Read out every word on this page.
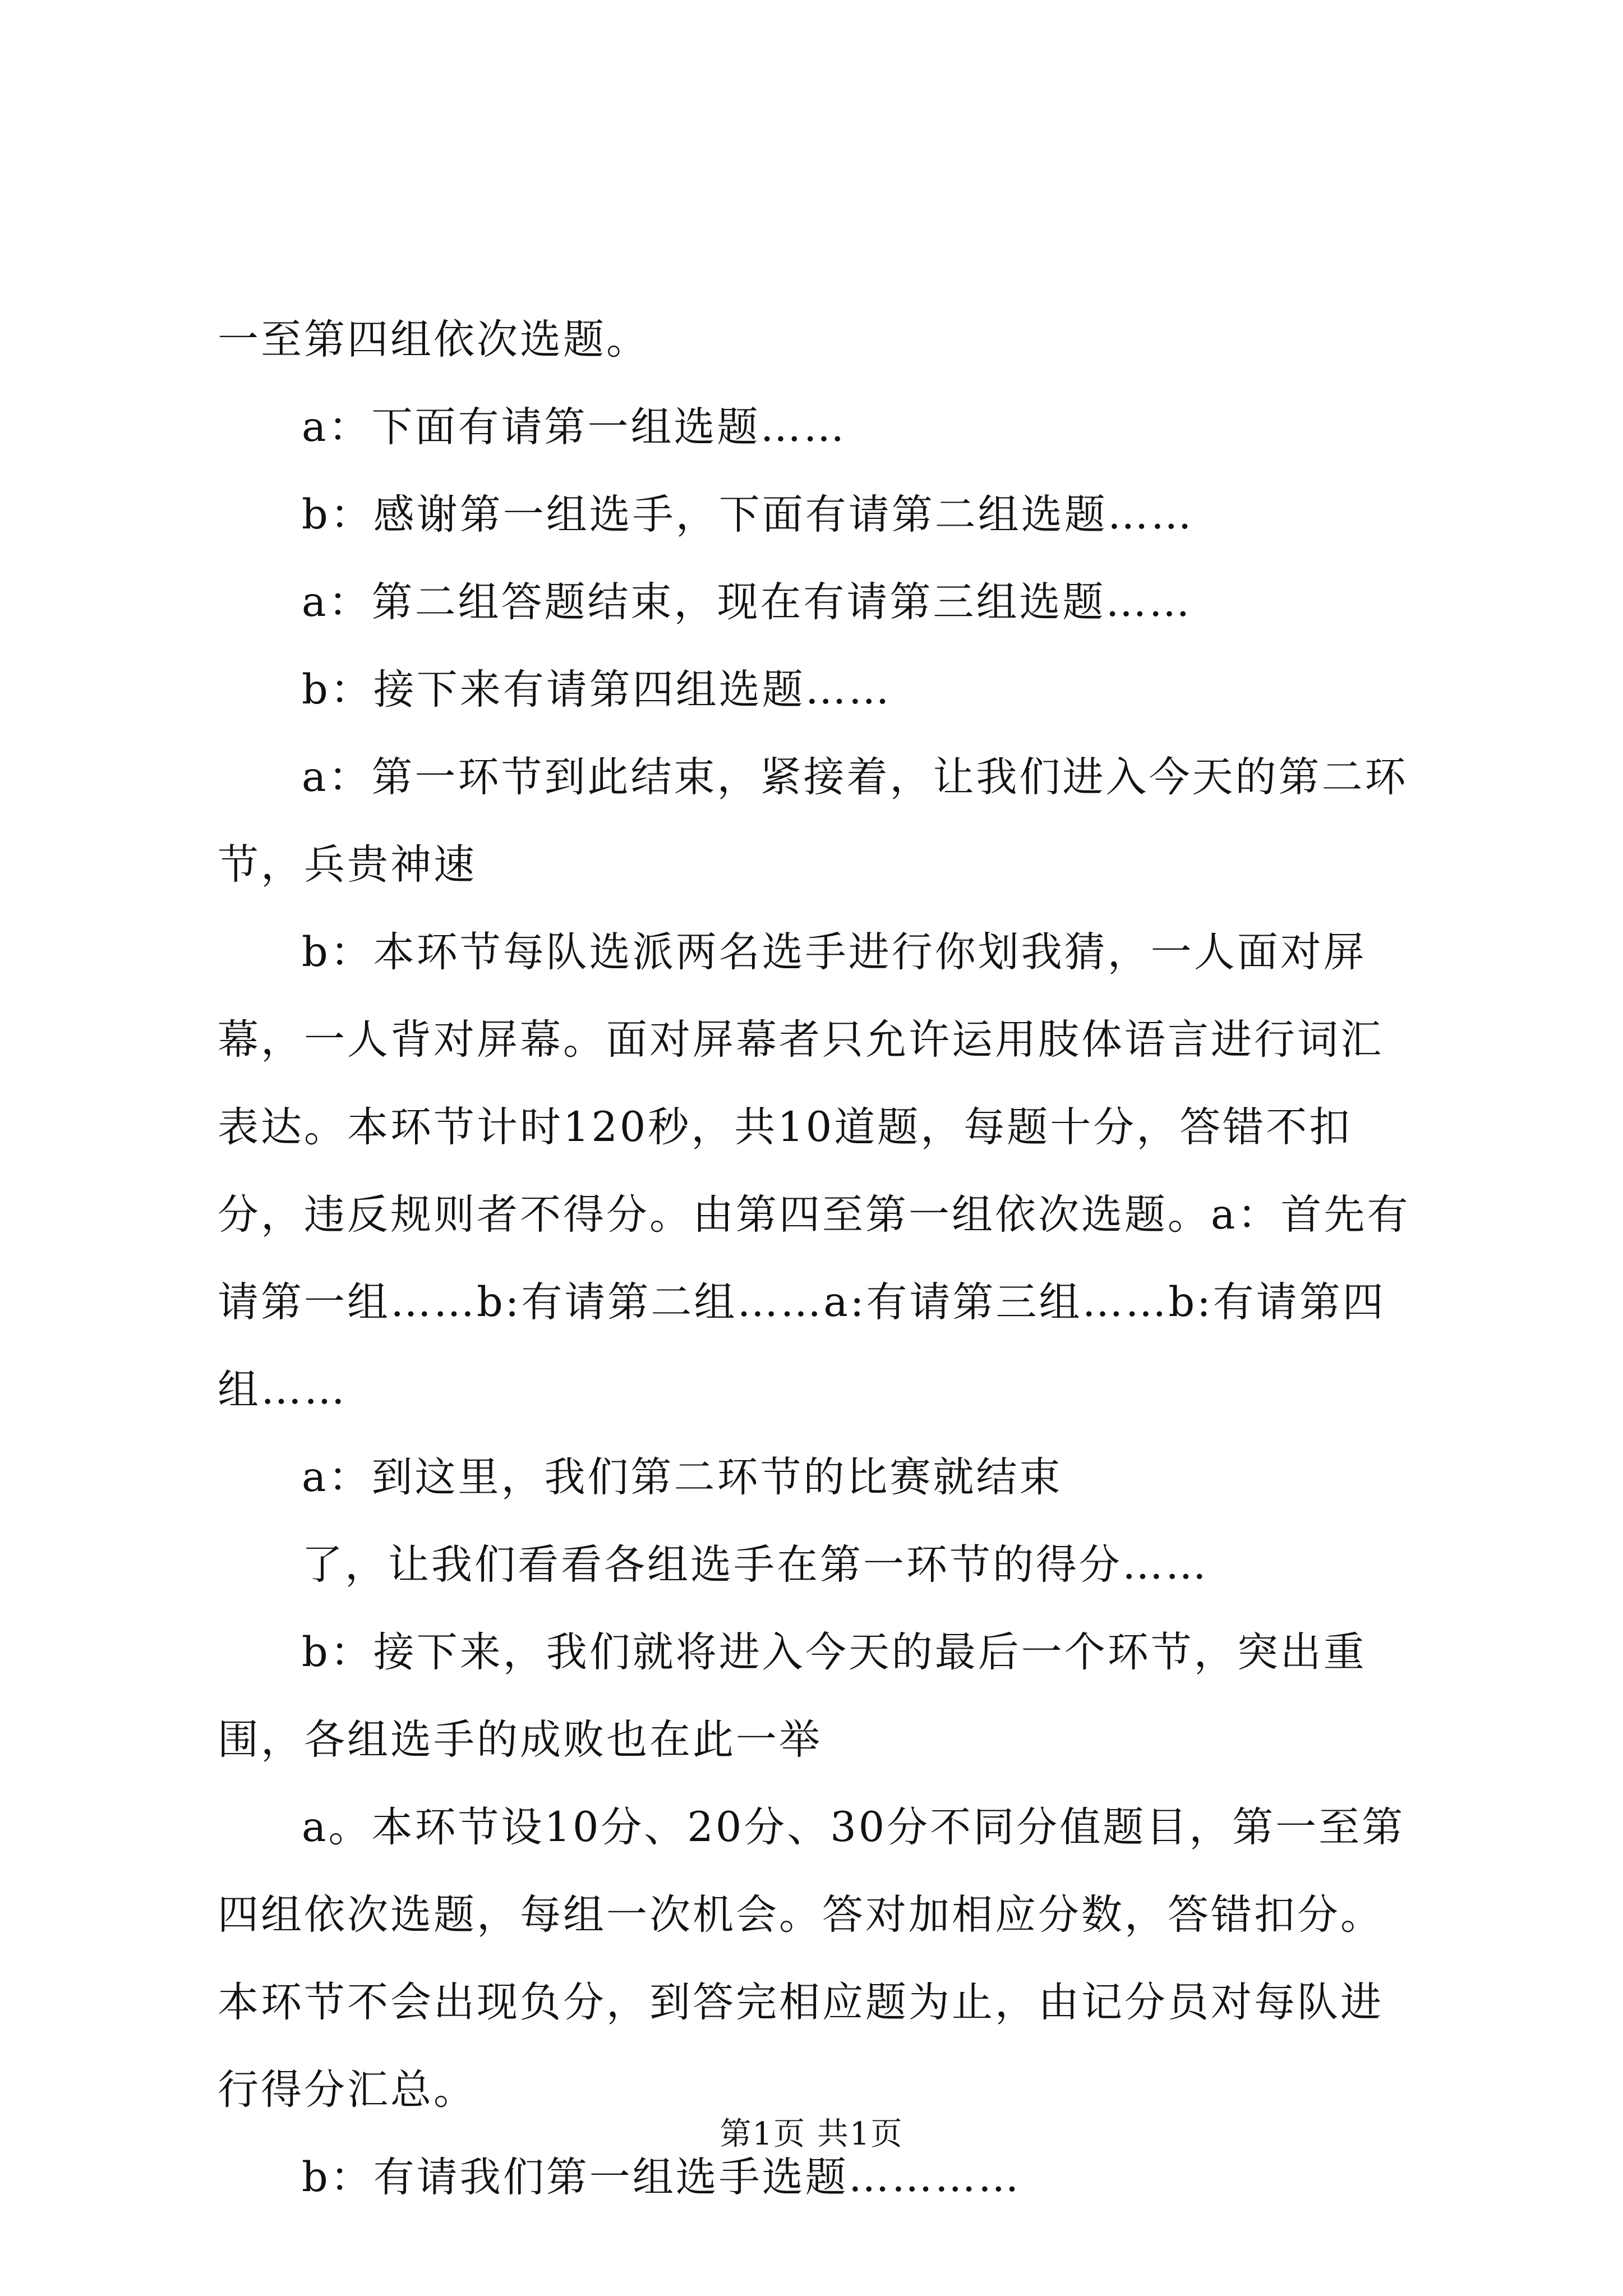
一至第四组依次选题。

a：下面有请第一组选题……

b：感谢第一组选手，下面有请第二组选题……

a：第二组答题结束，现在有请第三组选题……

b：接下来有请第四组选题……

a：第一环节到此结束，紧接着，让我们进入今天的第二环节，兵贵神速

b：本环节每队选派两名选手进行你划我猜，一人面对屏幕，一人背对屏幕。面对屏幕者只允许运用肢体语言进行词汇表达。本环节计时120秒，共10道题，每题十分，答错不扣分，违反规则者不得分。由第四至第一组依次选题。a：首先有请第一组……b:有请第二组……a:有请第三组……b:有请第四组……

a：到这里，我们第二环节的比赛就结束

了，让我们看看各组选手在第一环节的得分……

b：接下来，我们就将进入今天的最后一个环节，突出重围，各组选手的成败也在此一举

a。本环节设10分、20分、30分不同分值题目，第一至第四组依次选题，每组一次机会。答对加相应分数，答错扣分。本环节不会出现负分，到答完相应题为止，由记分员对每队进行得分汇总。

b：有请我们第一组选手选题…………

第1页 共1页
